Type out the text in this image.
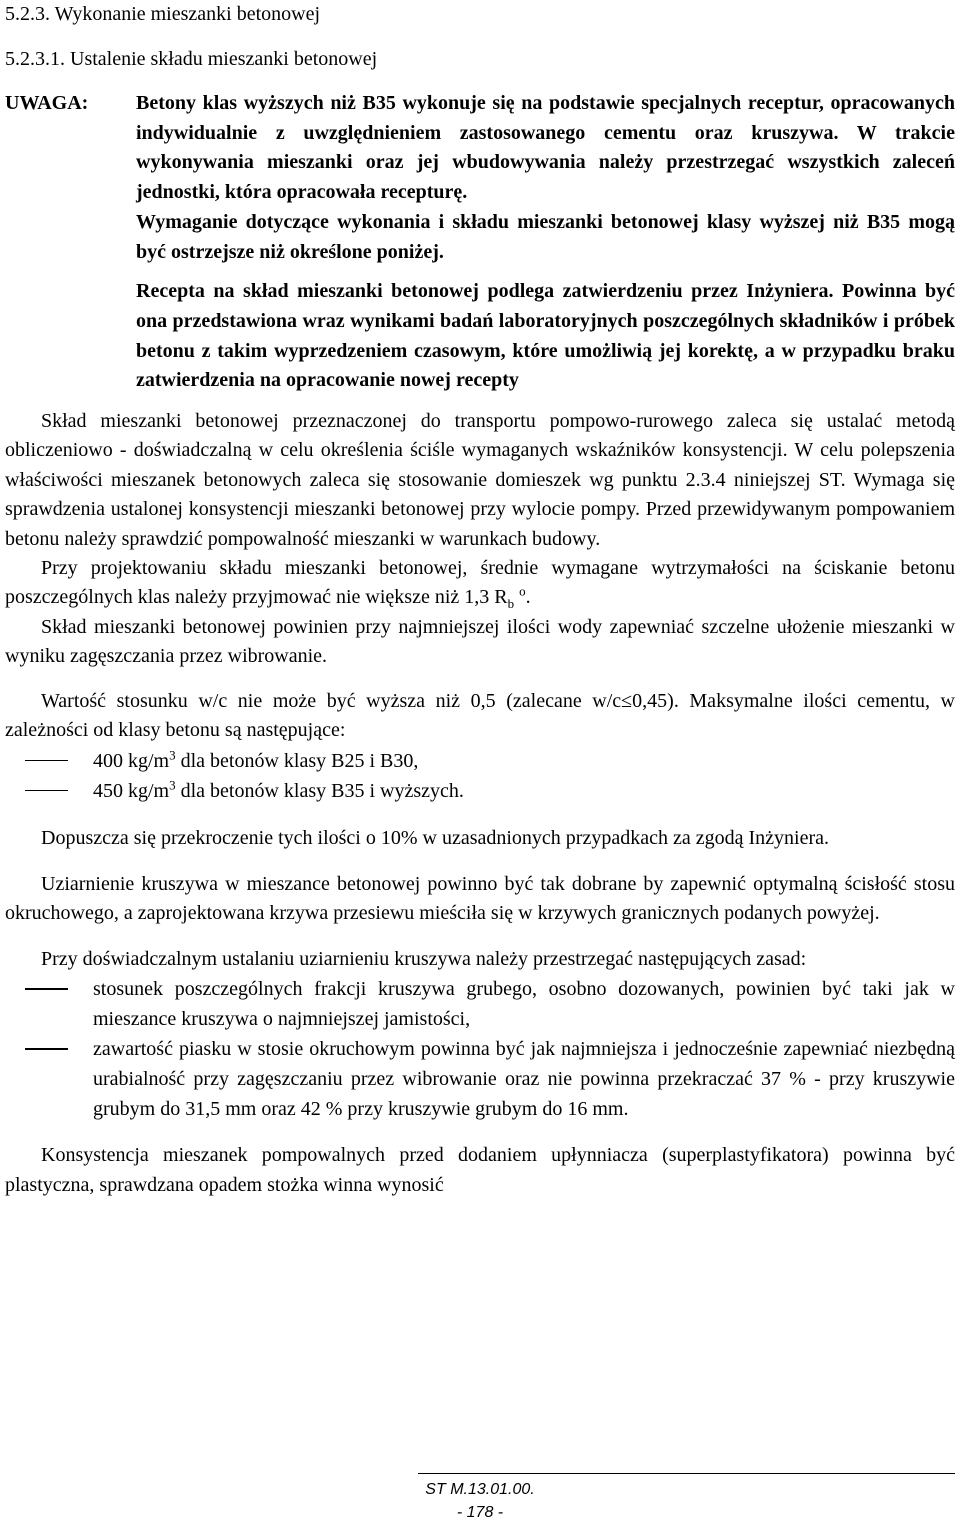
5.2.3. Wykonanie mieszanki betonowej

5.2.3.1. Ustalenie składu mieszanki betonowej

UWAGA:	Betony klas wyższych niż B35 wykonuje się na podstawie specjalnych receptur, opracowanych indywidualnie z uwzględnieniem zastosowanego cementu oraz kruszywa. W trakcie wykonywania mieszanki oraz jej wbudowywania należy przestrzegać wszystkich zaleceń jednostki, która opracowała recepturę.

Wymaganie dotyczące wykonania i składu mieszanki betonowej klasy wyższej niż B35 mogą być ostrzejsze niż określone poniżej.

Recepta na skład mieszanki betonowej podlega zatwierdzeniu przez Inżyniera. Powinna być ona przedstawiona wraz wynikami badań laboratoryjnych poszczególnych składników i próbek betonu z takim wyprzedzeniem czasowym, które umożliwią jej korektę, a w przypadku braku zatwierdzenia na opracowanie nowej recepty

Skład mieszanki betonowej przeznaczonej do transportu pompowo-rurowego zaleca się ustalać metodą obliczeniowo - doświadczalną w celu określenia ściśle wymaganych wskaźników konsystencji. W celu polepszenia właściwości mieszanek betonowych zaleca się stosowanie domieszek wg punktu 2.3.4 niniejszej ST. Wymaga się sprawdzenia ustalonej konsystencji mieszanki betonowej przy wylocie pompy. Przed przewidywanym pompowaniem betonu należy sprawdzić pompowalność mieszanki w warunkach budowy.

Przy projektowaniu składu mieszanki betonowej, średnie wymagane wytrzymałości na ściskanie betonu poszczególnych klas należy przyjmować nie większe niż 1,3 $R_b$ $^o$.

Skład mieszanki betonowej powinien przy najmniejszej ilości wody zapewniać szczelne ułożenie mieszanki w wyniku zagęszczania przez wibrowanie.

Wartość stosunku w/c nie może być wyższa niż 0,5 (zalecane w/c≤0,45). Maksymalne ilości cementu, w zależności od klasy betonu są następujące:

400 $kg/m^3$ dla betonów klasy B25 i B30,
450 $kg/m^3$ dla betonów klasy B35 i wyższych.

Dopuszcza się przekroczenie tych ilości o 10% w uzasadnionych przypadkach za zgodą Inżyniera.

Uziarnienie kruszywa w mieszance betonowej powinno być tak dobrane by zapewnić optymalną ścisłość stosu okruchowego, a zaprojektowana krzywa przesiewu mieściła się w krzywych granicznych podanych powyżej.

Przy doświadczalnym ustalaniu uziarnieniu kruszywa należy przestrzegać następujących zasad:

stosunek poszczególnych frakcji kruszywa grubego, osobno dozowanych, powinien być taki jak w mieszance kruszywa o najmniejszej jamistości,
zawartość piasku w stosie okruchowym powinna być jak najmniejsza i jednocześnie zapewniać niezbędną urabialność przy zagęszczaniu przez wibrowanie oraz nie powinna przekraczać 37 % - przy kruszywie grubym do 31,5 mm oraz 42 % przy kruszywie grubym do 16 mm.

Konsystencja mieszanek pompowalnych przed dodaniem upłynniacza (superplastyfikatora) powinna być plastyczna, sprawdzana opadem stożka winna wynosić

ST M.13.01.00.
- 178 -
